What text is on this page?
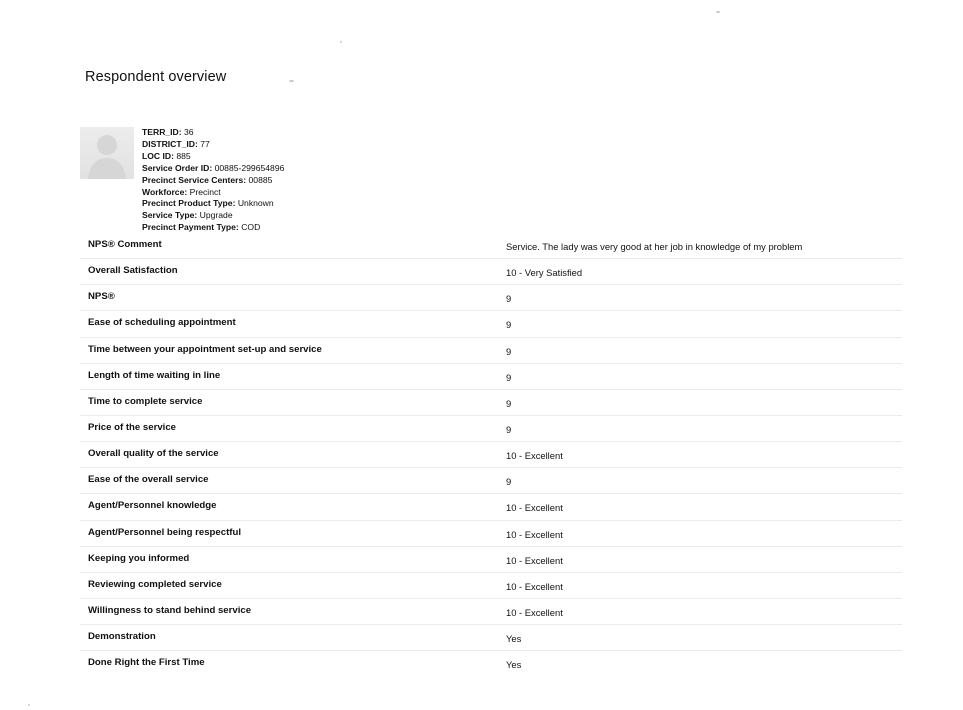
Respondent overview
TERR_ID: 36
DISTRICT_ID: 77
LOC ID: 885
Service Order ID: 00885-299654896
Precinct Service Centers: 00885
Workforce: Precinct
Precinct Product Type: Unknown
Service Type: Upgrade
Precinct Payment Type: COD
NPS® Comment	Service. The lady was very good at her job in knowledge of my problem
Overall Satisfaction	10 - Very Satisfied
NPS®	9
Ease of scheduling appointment	9
Time between your appointment set-up and service	9
Length of time waiting in line	9
Time to complete service	9
Price of the service	9
Overall quality of the service	10 - Excellent
Ease of the overall service	9
Agent/Personnel knowledge	10 - Excellent
Agent/Personnel being respectful	10 - Excellent
Keeping you informed	10 - Excellent
Reviewing completed service	10 - Excellent
Willingness to stand behind service	10 - Excellent
Demonstration	Yes
Done Right the First Time	Yes
